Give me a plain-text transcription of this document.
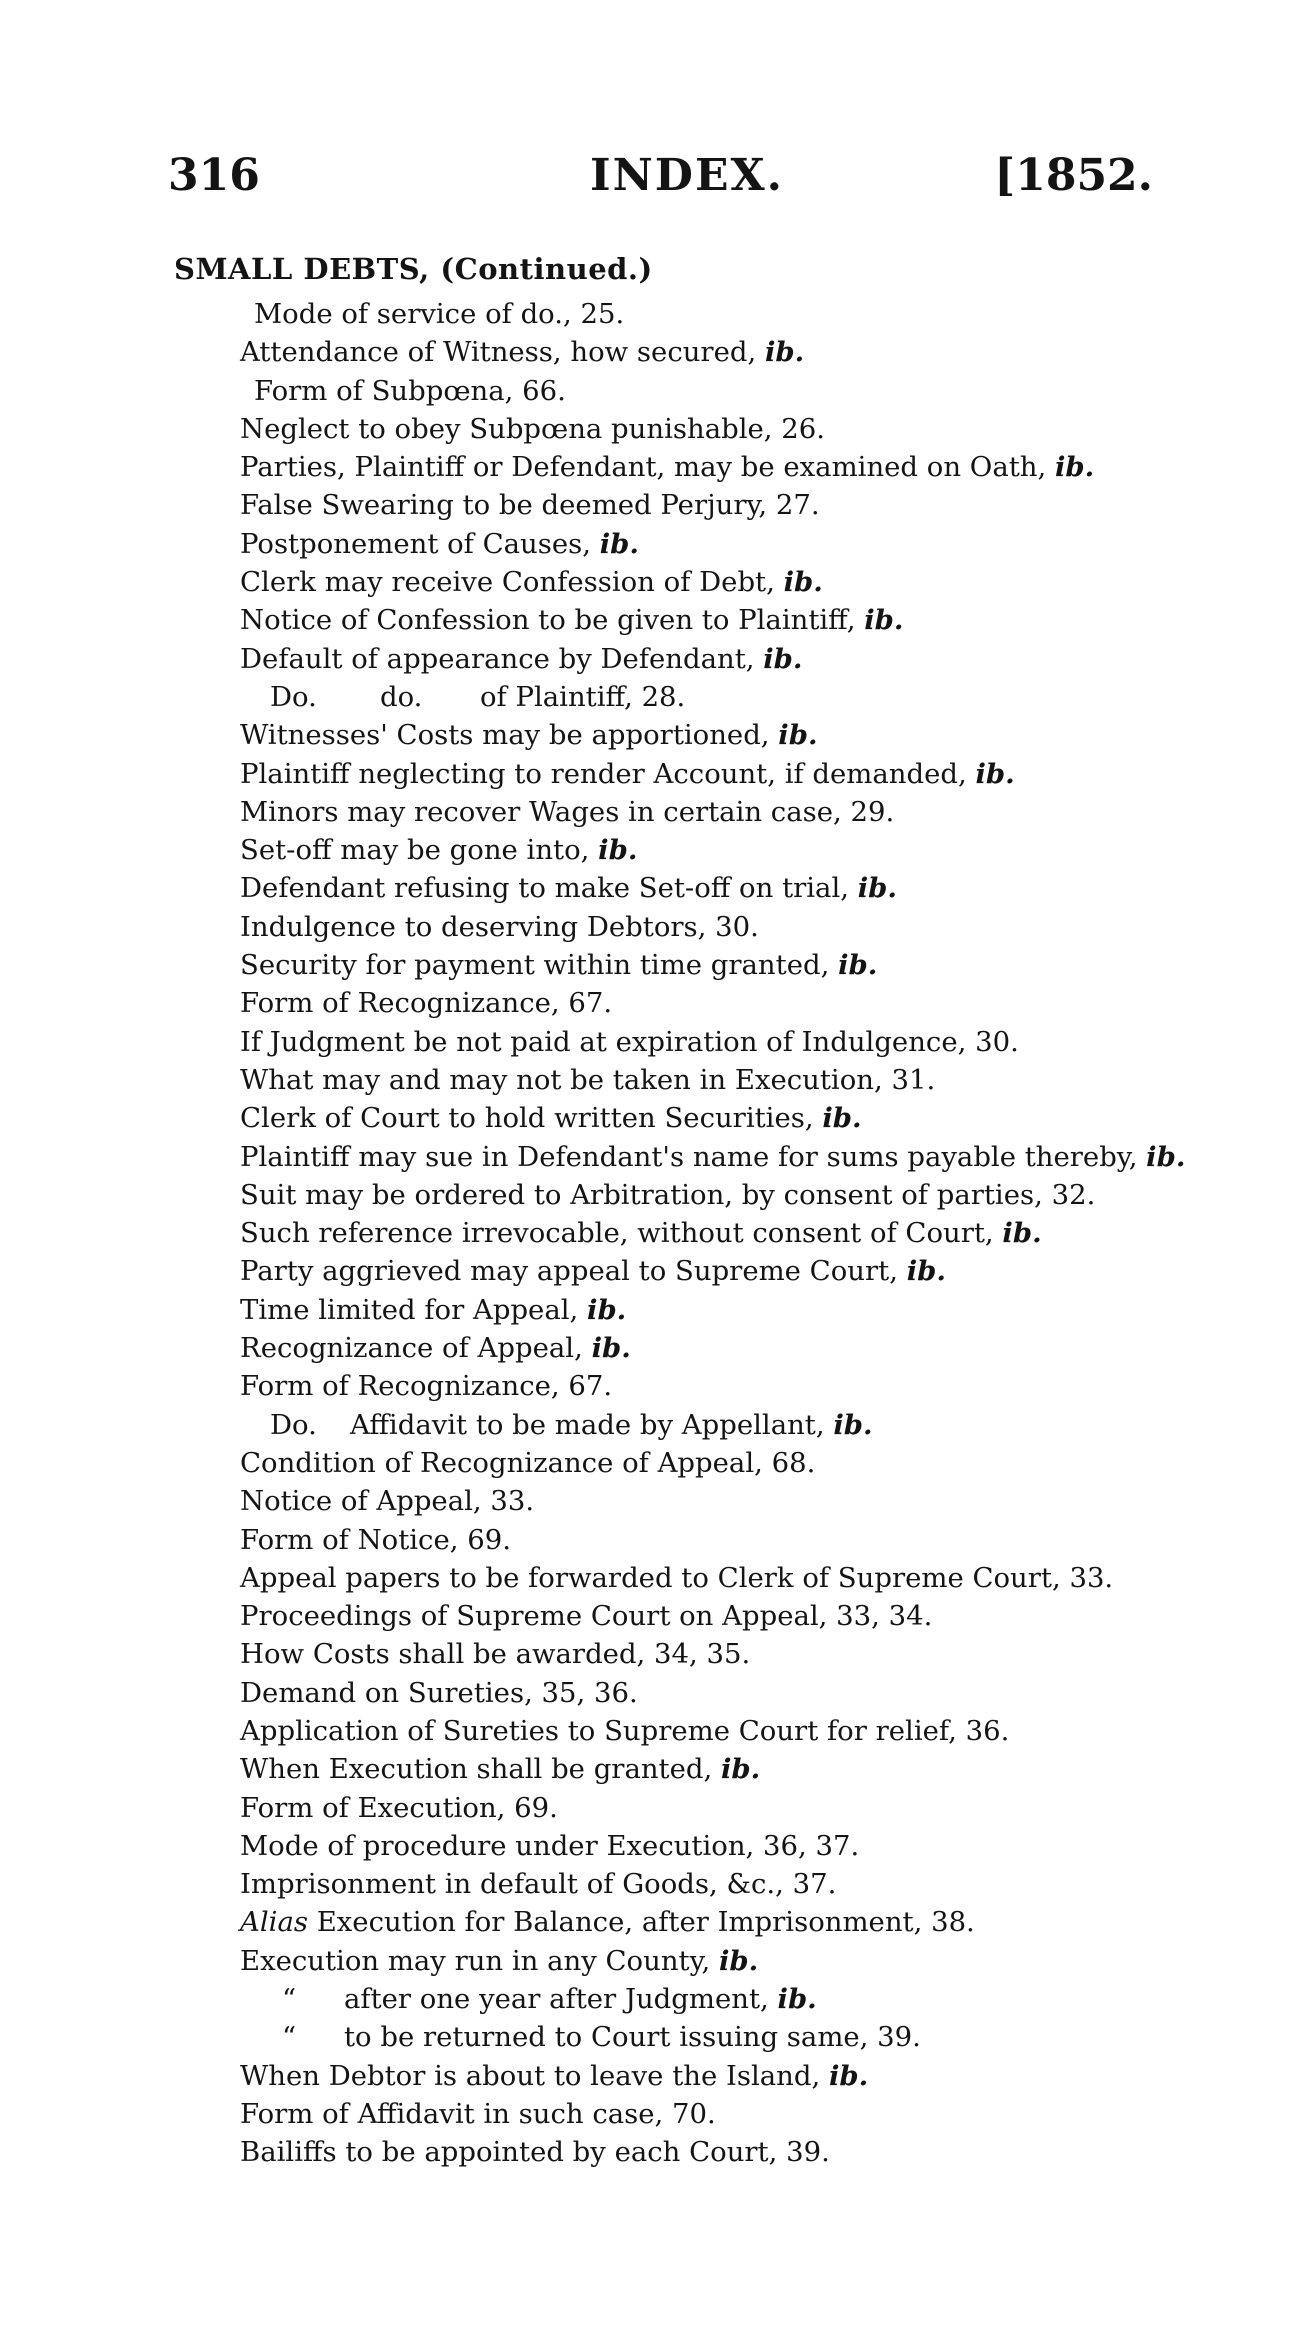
316	INDEX.	[1852.
SMALL DEBTS, (Continued.)
Mode of service of do., 25.
Attendance of Witness, how secured, ib.
Form of Subpœna, 66.
Neglect to obey Subpœna punishable, 26.
Parties, Plaintiff or Defendant, may be examined on Oath, ib.
False Swearing to be deemed Perjury, 27.
Postponement of Causes, ib.
Clerk may receive Confession of Debt, ib.
Notice of Confession to be given to Plaintiff, ib.
Default of appearance by Defendant, ib.
Do. do. of Plaintiff, 28.
Witnesses' Costs may be apportioned, ib.
Plaintiff neglecting to render Account, if demanded, ib.
Minors may recover Wages in certain case, 29.
Set-off may be gone into, ib.
Defendant refusing to make Set-off on trial, ib.
Indulgence to deserving Debtors, 30.
Security for payment within time granted, ib.
Form of Recognizance, 67.
If Judgment be not paid at expiration of Indulgence, 30.
What may and may not be taken in Execution, 31.
Clerk of Court to hold written Securities, ib.
Plaintiff may sue in Defendant's name for sums payable thereby, ib.
Suit may be ordered to Arbitration, by consent of parties, 32.
Such reference irrevocable, without consent of Court, ib.
Party aggrieved may appeal to Supreme Court, ib.
Time limited for Appeal, ib.
Recognizance of Appeal, ib.
Form of Recognizance, 67.
Do. Affidavit to be made by Appellant, ib.
Condition of Recognizance of Appeal, 68.
Notice of Appeal, 33.
Form of Notice, 69.
Appeal papers to be forwarded to Clerk of Supreme Court, 33.
Proceedings of Supreme Court on Appeal, 33, 34.
How Costs shall be awarded, 34, 35.
Demand on Sureties, 35, 36.
Application of Sureties to Supreme Court for relief, 36.
When Execution shall be granted, ib.
Form of Execution, 69.
Mode of procedure under Execution, 36, 37.
Imprisonment in default of Goods, &c., 37.
Alias Execution for Balance, after Imprisonment, 38.
Execution may run in any County, ib.
“ after one year after Judgment, ib.
“ to be returned to Court issuing same, 39.
When Debtor is about to leave the Island, ib.
Form of Affidavit in such case, 70.
Bailiffs to be appointed by each Court, 39.
